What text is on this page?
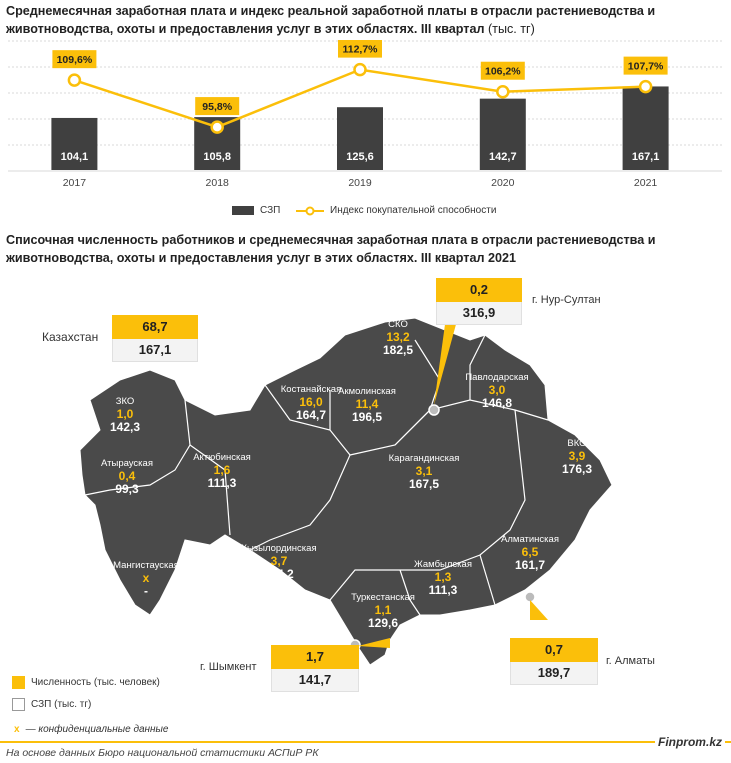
Среднемесячная заработная плата и индекс реальной заработной платы в отрасли растениеводства и животноводства, охоты и предоставления услуг в этих областях. III квартал (тыс. тг)
104,1	105,8	125,6	142,7	167,1
109,6%
95,8%
112,7%
106,2%	107,7%
2017	2018	2019	2020	2021
СЗП	Индекс покупательной способности
Списочная численность работников и среднемесячная заработная плата в отрасли растениеводства и животноводства, охоты и предоставления услуг в этих областях. III квартал 2021
СКО
13,2
182,5
Павлодарская
3,0
146,8
Костанайская
16,0
164,7
Акмолинская
11,4
196,5
ЗКО
1,0
142,3
ВКО
3,9
176,3
Актюбинская
1,6
111,3
Атырауская
0,4
99,3
Карагандинская
3,1
167,5
Мангистауская
х
-
Кызылординская
3,7
114,2
Алматинская
6,5
161,7
Жамбылская
1,3
111,3
Туркестанская
1,1
129,6
Казахстан
68,7
167,1
0,2
316,9
г. Нур-Султан
1,7
141,7
г. Шымкент
0,7
189,7
г. Алматы
Численность (тыс. человек)
СЗП (тыс. тг)
х — конфиденциальные данные
На основе данных Бюро национальной статистики АСПиР РК
Finprom.kz
